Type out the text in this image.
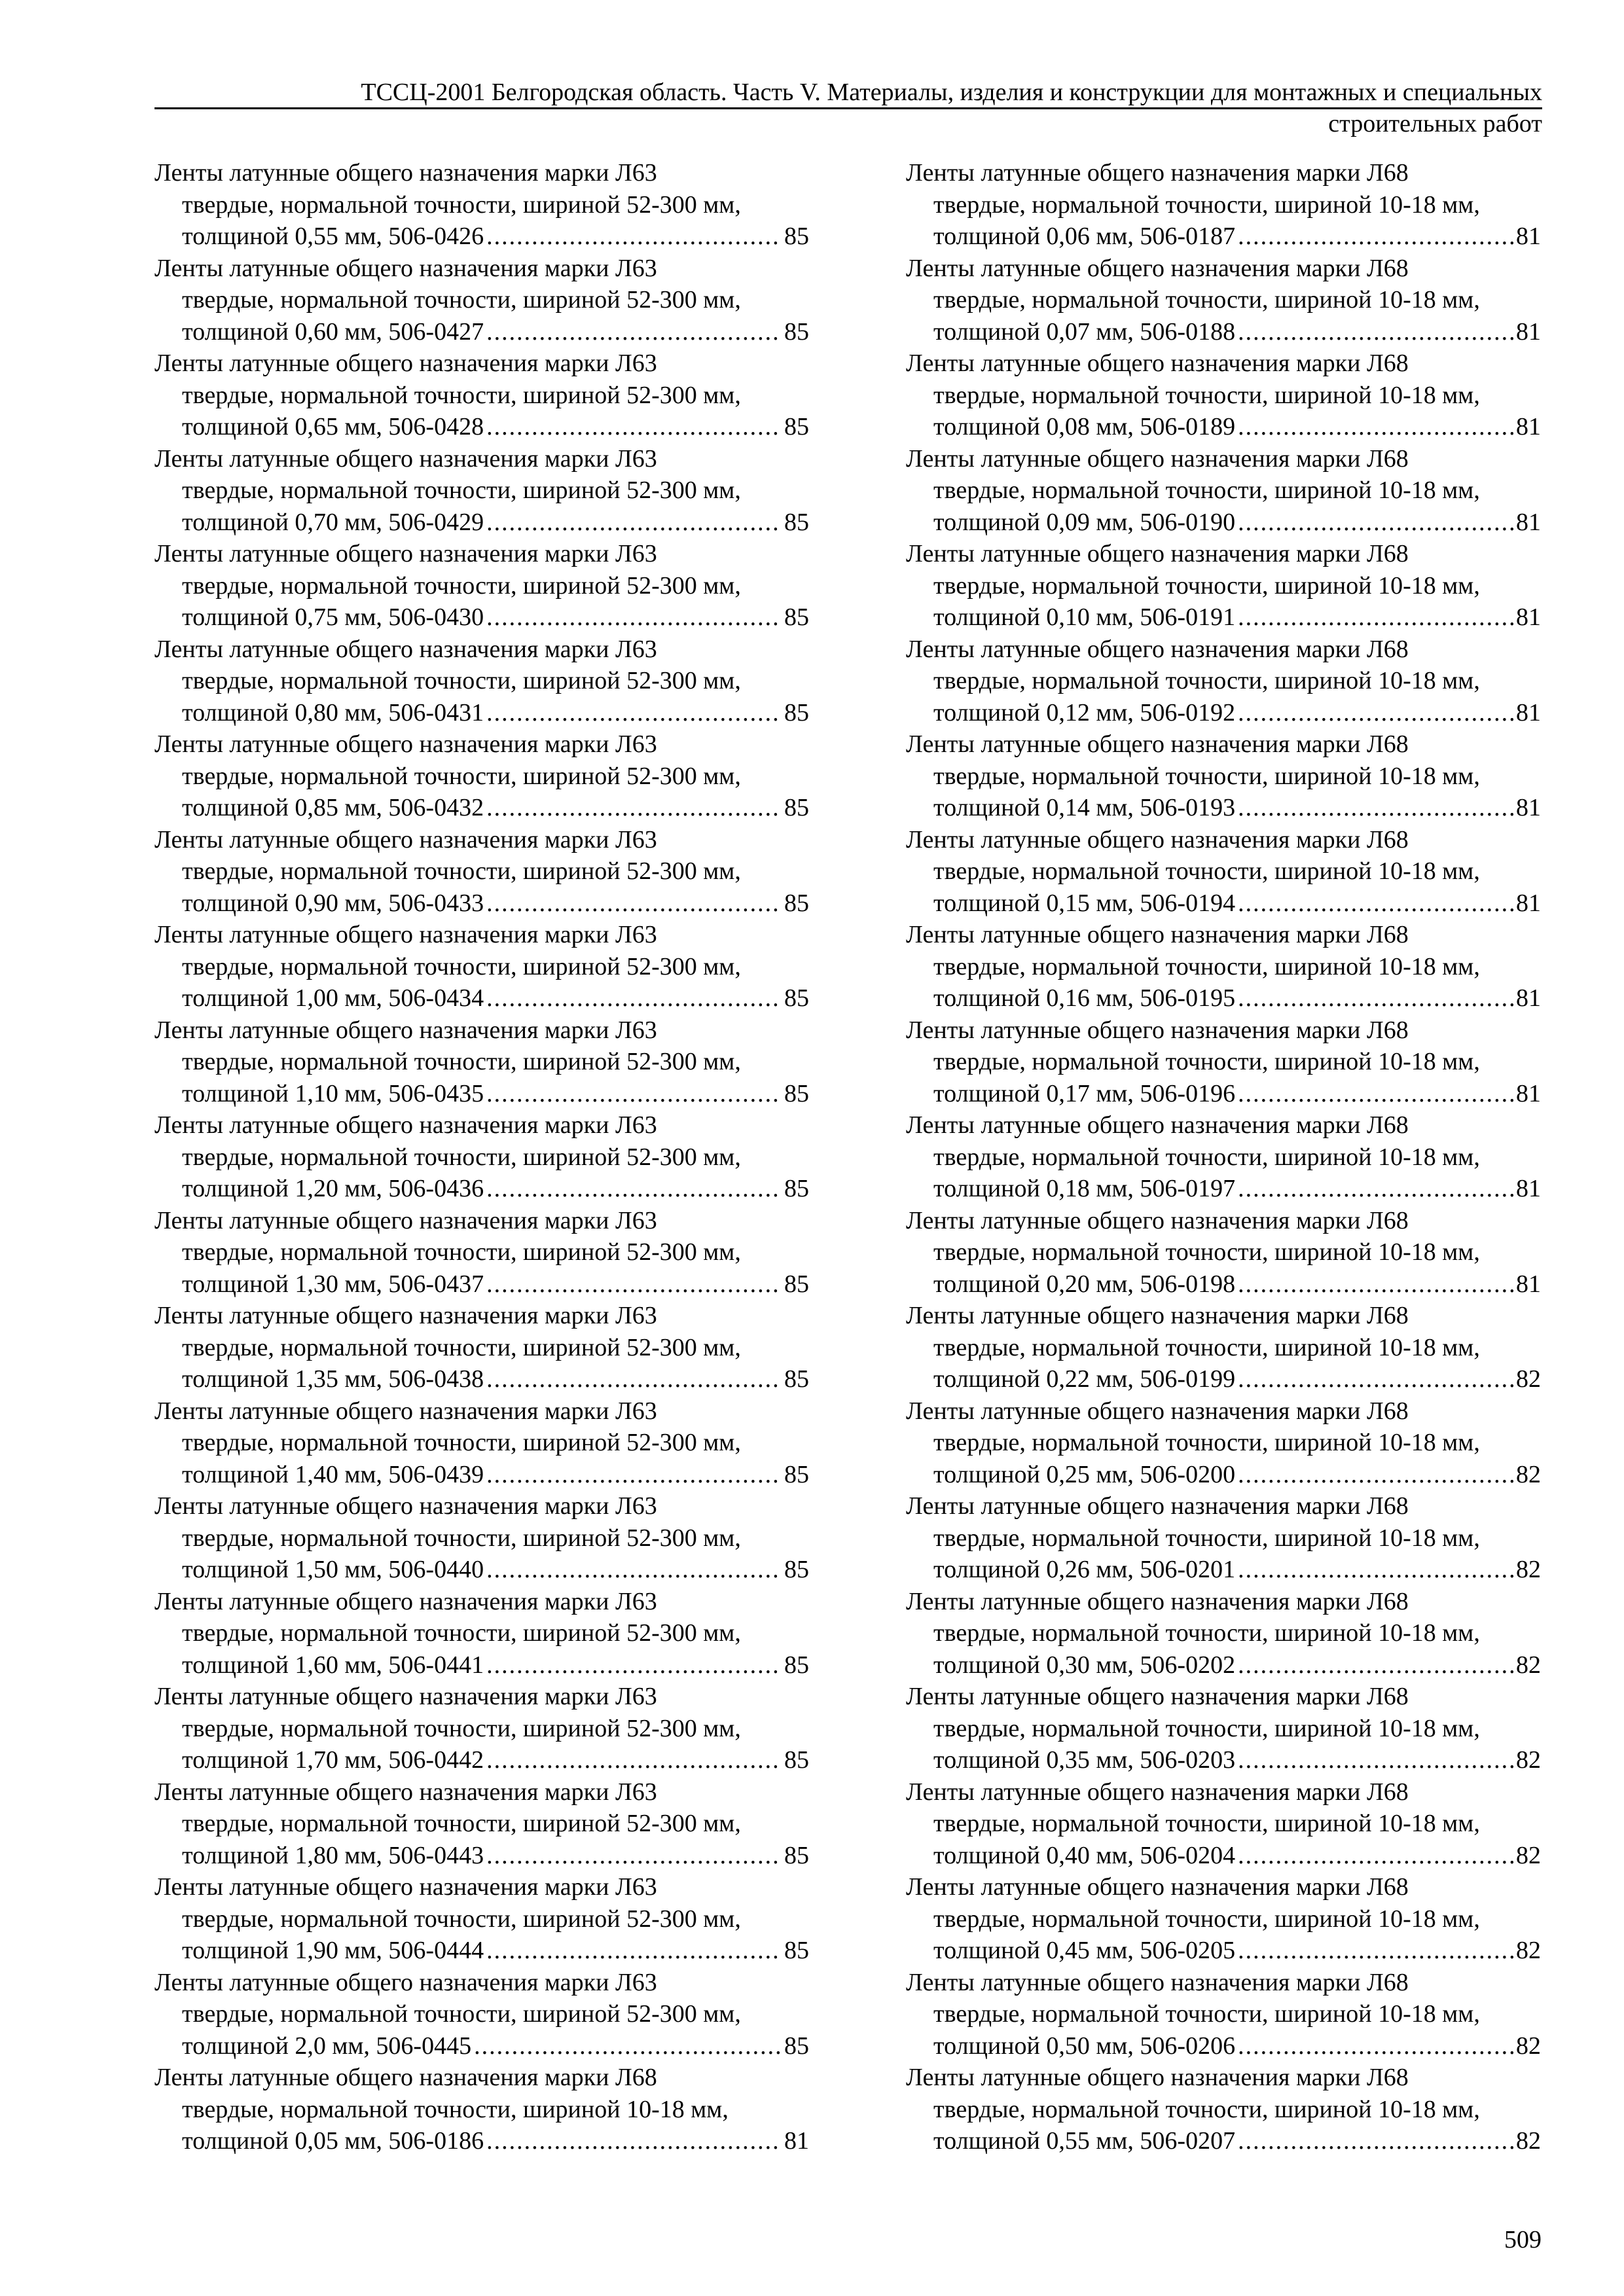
ТССЦ-2001 Белгородская область. Часть V. Материалы, изделия и конструкции для монтажных и специальных
строительных работ
Ленты латунные общего назначения марки Л63
твердые, нормальной точности, шириной 52-300 мм,
толщиной 0,55 мм, 506-0426 .....	85
Ленты латунные общего назначения марки Л63
твердые, нормальной точности, шириной 52-300 мм,
толщиной 0,60 мм, 506-0427 .....	85
Ленты латунные общего назначения марки Л63
твердые, нормальной точности, шириной 52-300 мм,
толщиной 0,65 мм, 506-0428 .....	85
Ленты латунные общего назначения марки Л63
твердые, нормальной точности, шириной 52-300 мм,
толщиной 0,70 мм, 506-0429 .....	85
Ленты латунные общего назначения марки Л63
твердые, нормальной точности, шириной 52-300 мм,
толщиной 0,75 мм, 506-0430 .....	85
Ленты латунные общего назначения марки Л63
твердые, нормальной точности, шириной 52-300 мм,
толщиной 0,80 мм, 506-0431 .....	85
Ленты латунные общего назначения марки Л63
твердые, нормальной точности, шириной 52-300 мм,
толщиной 0,85 мм, 506-0432 .....	85
Ленты латунные общего назначения марки Л63
твердые, нормальной точности, шириной 52-300 мм,
толщиной 0,90 мм, 506-0433 .....	85
Ленты латунные общего назначения марки Л63
твердые, нормальной точности, шириной 52-300 мм,
толщиной 1,00 мм, 506-0434 .....	85
Ленты латунные общего назначения марки Л63
твердые, нормальной точности, шириной 52-300 мм,
толщиной 1,10 мм, 506-0435 .....	85
Ленты латунные общего назначения марки Л63
твердые, нормальной точности, шириной 52-300 мм,
толщиной 1,20 мм, 506-0436 .....	85
Ленты латунные общего назначения марки Л63
твердые, нормальной точности, шириной 52-300 мм,
толщиной 1,30 мм, 506-0437 .....	85
Ленты латунные общего назначения марки Л63
твердые, нормальной точности, шириной 52-300 мм,
толщиной 1,35 мм, 506-0438 .....	85
Ленты латунные общего назначения марки Л63
твердые, нормальной точности, шириной 52-300 мм,
толщиной 1,40 мм, 506-0439 .....	85
Ленты латунные общего назначения марки Л63
твердые, нормальной точности, шириной 52-300 мм,
толщиной 1,50 мм, 506-0440 .....	85
Ленты латунные общего назначения марки Л63
твердые, нормальной точности, шириной 52-300 мм,
толщиной 1,60 мм, 506-0441 .....	85
Ленты латунные общего назначения марки Л63
твердые, нормальной точности, шириной 52-300 мм,
толщиной 1,70 мм, 506-0442 .....	85
Ленты латунные общего назначения марки Л63
твердые, нормальной точности, шириной 52-300 мм,
толщиной 1,80 мм, 506-0443 .....	85
Ленты латунные общего назначения марки Л63
твердые, нормальной точности, шириной 52-300 мм,
толщиной 1,90 мм, 506-0444 .....	85
Ленты латунные общего назначения марки Л63
твердые, нормальной точности, шириной 52-300 мм,
толщиной 2,0 мм, 506-0445 .....	85
Ленты латунные общего назначения марки Л68
твердые, нормальной точности, шириной 10-18 мм,
толщиной 0,05 мм, 506-0186 .....	81
Ленты латунные общего назначения марки Л68
твердые, нормальной точности, шириной 10-18 мм,
толщиной 0,06 мм, 506-0187 .....	81
Ленты латунные общего назначения марки Л68
твердые, нормальной точности, шириной 10-18 мм,
толщиной 0,07 мм, 506-0188 .....	81
Ленты латунные общего назначения марки Л68
твердые, нормальной точности, шириной 10-18 мм,
толщиной 0,08 мм, 506-0189 .....	81
Ленты латунные общего назначения марки Л68
твердые, нормальной точности, шириной 10-18 мм,
толщиной 0,09 мм, 506-0190 .....	81
Ленты латунные общего назначения марки Л68
твердые, нормальной точности, шириной 10-18 мм,
толщиной 0,10 мм, 506-0191 .....	81
Ленты латунные общего назначения марки Л68
твердые, нормальной точности, шириной 10-18 мм,
толщиной 0,12 мм, 506-0192 .....	81
Ленты латунные общего назначения марки Л68
твердые, нормальной точности, шириной 10-18 мм,
толщиной 0,14 мм, 506-0193 .....	81
Ленты латунные общего назначения марки Л68
твердые, нормальной точности, шириной 10-18 мм,
толщиной 0,15 мм, 506-0194 .....	81
Ленты латунные общего назначения марки Л68
твердые, нормальной точности, шириной 10-18 мм,
толщиной 0,16 мм, 506-0195 .....	81
Ленты латунные общего назначения марки Л68
твердые, нормальной точности, шириной 10-18 мм,
толщиной 0,17 мм, 506-0196 .....	81
Ленты латунные общего назначения марки Л68
твердые, нормальной точности, шириной 10-18 мм,
толщиной 0,18 мм, 506-0197 .....	81
Ленты латунные общего назначения марки Л68
твердые, нормальной точности, шириной 10-18 мм,
толщиной 0,20 мм, 506-0198 .....	81
Ленты латунные общего назначения марки Л68
твердые, нормальной точности, шириной 10-18 мм,
толщиной 0,22 мм, 506-0199 .....	82
Ленты латунные общего назначения марки Л68
твердые, нормальной точности, шириной 10-18 мм,
толщиной 0,25 мм, 506-0200 .....	82
Ленты латунные общего назначения марки Л68
твердые, нормальной точности, шириной 10-18 мм,
толщиной 0,26 мм, 506-0201 .....	82
Ленты латунные общего назначения марки Л68
твердые, нормальной точности, шириной 10-18 мм,
толщиной 0,30 мм, 506-0202 .....	82
Ленты латунные общего назначения марки Л68
твердые, нормальной точности, шириной 10-18 мм,
толщиной 0,35 мм, 506-0203 .....	82
Ленты латунные общего назначения марки Л68
твердые, нормальной точности, шириной 10-18 мм,
толщиной 0,40 мм, 506-0204 .....	82
Ленты латунные общего назначения марки Л68
твердые, нормальной точности, шириной 10-18 мм,
толщиной 0,45 мм, 506-0205 .....	82
Ленты латунные общего назначения марки Л68
твердые, нормальной точности, шириной 10-18 мм,
толщиной 0,50 мм, 506-0206 .....	82
Ленты латунные общего назначения марки Л68
твердые, нормальной точности, шириной 10-18 мм,
толщиной 0,55 мм, 506-0207 .....	82
509
